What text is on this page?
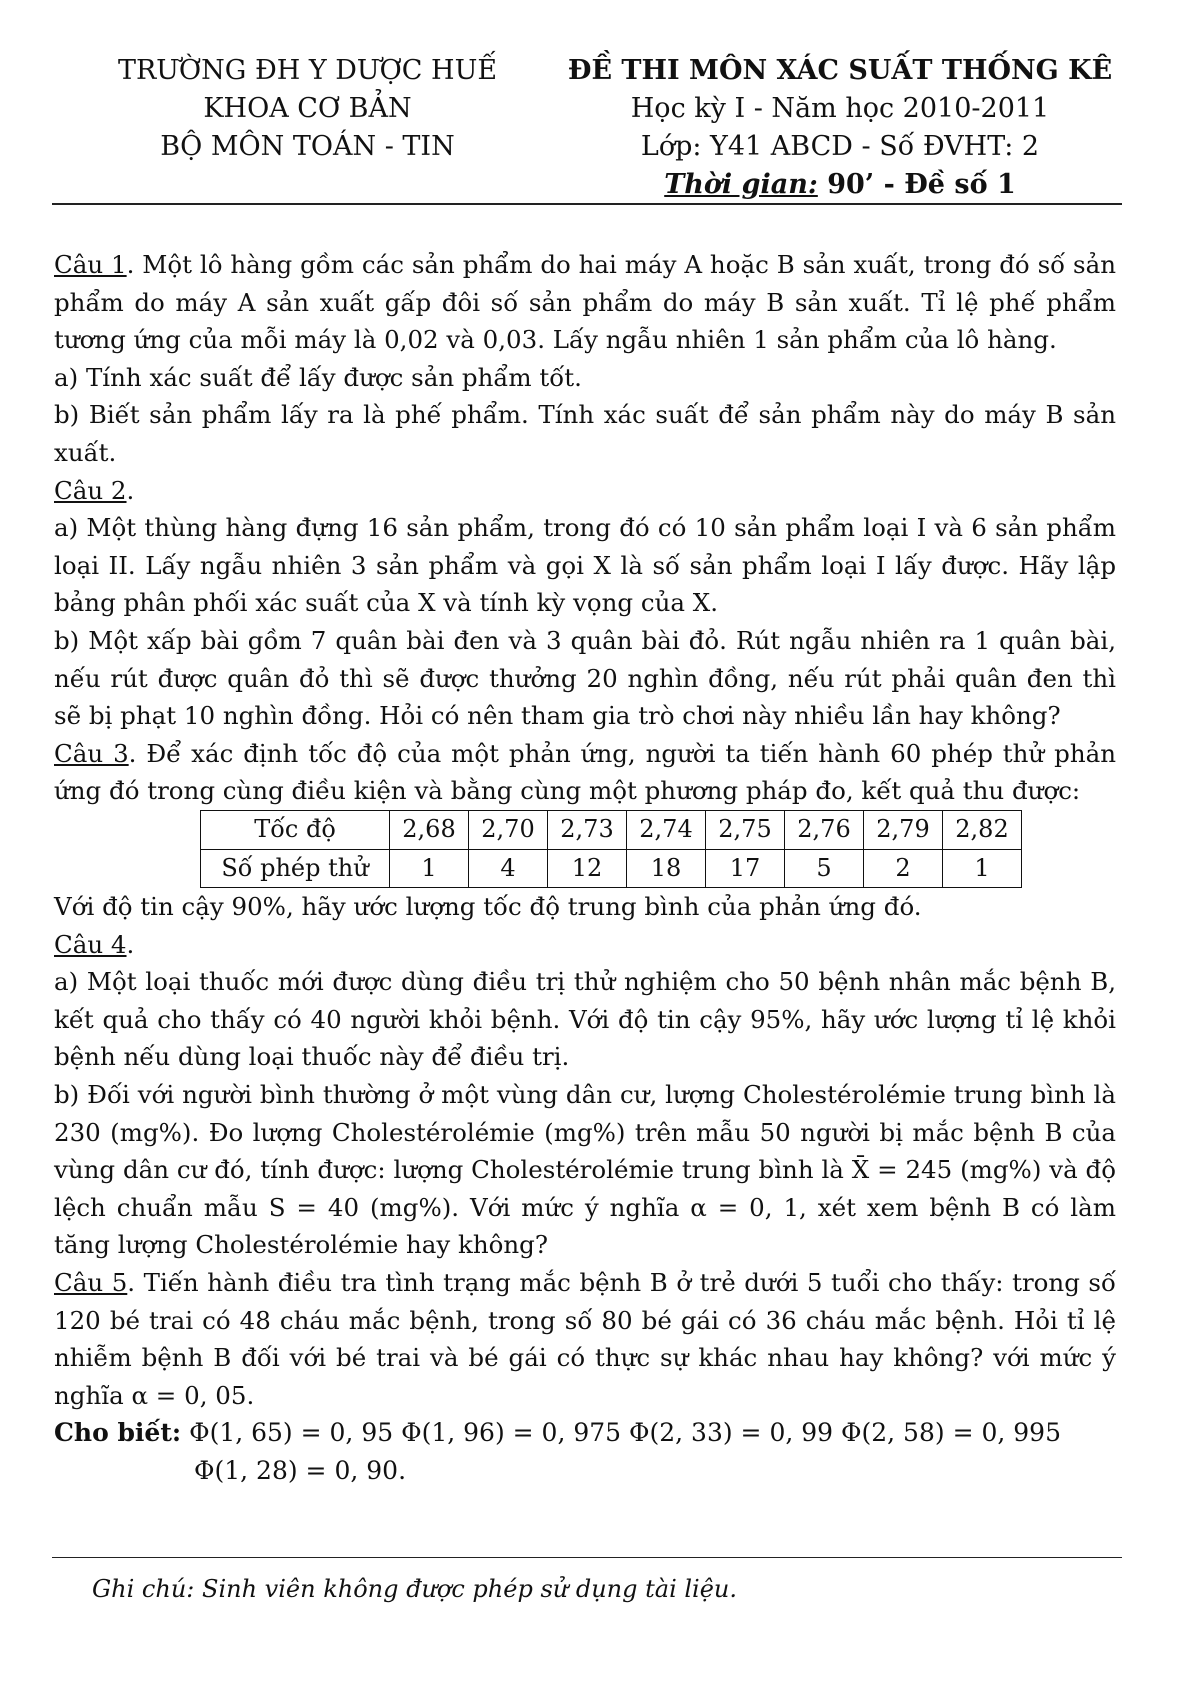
TRƯỜNG ĐH Y DƯỢC HUẾ
KHOA CƠ BẢN
BỘ MÔN TOÁN - TIN
ĐỀ THI MÔN XÁC SUẤT THỐNG KÊ
Học kỳ I - Năm học 2010-2011
Lớp: Y41 ABCD - Số ĐVHT: 2
Thời gian: 90’ - Đề số 1

Câu 1. Một lô hàng gồm các sản phẩm do hai máy A hoặc B sản xuất, trong đó số sản phẩm do máy A sản xuất gấp đôi số sản phẩm do máy B sản xuất. Tỉ lệ phế phẩm tương ứng của mỗi máy là 0,02 và 0,03. Lấy ngẫu nhiên 1 sản phẩm của lô hàng.

a) Tính xác suất để lấy được sản phẩm tốt.

b) Biết sản phẩm lấy ra là phế phẩm. Tính xác suất để sản phẩm này do máy B sản xuất.

Câu 2.

a) Một thùng hàng đựng 16 sản phẩm, trong đó có 10 sản phẩm loại I và 6 sản phẩm loại II. Lấy ngẫu nhiên 3 sản phẩm và gọi X là số sản phẩm loại I lấy được. Hãy lập bảng phân phối xác suất của X và tính kỳ vọng của X.

b) Một xấp bài gồm 7 quân bài đen và 3 quân bài đỏ. Rút ngẫu nhiên ra 1 quân bài, nếu rút được quân đỏ thì sẽ được thưởng 20 nghìn đồng, nếu rút phải quân đen thì sẽ bị phạt 10 nghìn đồng. Hỏi có nên tham gia trò chơi này nhiều lần hay không?

Câu 3. Để xác định tốc độ của một phản ứng, người ta tiến hành 60 phép thử phản ứng đó trong cùng điều kiện và bằng cùng một phương pháp đo, kết quả thu được:

Tốc độ	2,68	2,70	2,73	2,74	2,75	2,76	2,79	2,82
Số phép thử	1	4	12	18	17	5	2	1

Với độ tin cậy 90%, hãy ước lượng tốc độ trung bình của phản ứng đó.

Câu 4.

a) Một loại thuốc mới được dùng điều trị thử nghiệm cho 50 bệnh nhân mắc bệnh B, kết quả cho thấy có 40 người khỏi bệnh. Với độ tin cậy 95%, hãy ước lượng tỉ lệ khỏi bệnh nếu dùng loại thuốc này để điều trị.

b) Đối với người bình thường ở một vùng dân cư, lượng Cholestérolémie trung bình là 230 (mg%). Đo lượng Cholestérolémie (mg%) trên mẫu 50 người bị mắc bệnh B của vùng dân cư đó, tính được: lượng Cholestérolémie trung bình là X̄ = 245 (mg%) và độ lệch chuẩn mẫu S = 40 (mg%). Với mức ý nghĩa α = 0, 1, xét xem bệnh B có làm tăng lượng Cholestérolémie hay không?

Câu 5. Tiến hành điều tra tình trạng mắc bệnh B ở trẻ dưới 5 tuổi cho thấy: trong số 120 bé trai có 48 cháu mắc bệnh, trong số 80 bé gái có 36 cháu mắc bệnh. Hỏi tỉ lệ nhiễm bệnh B đối với bé trai và bé gái có thực sự khác nhau hay không? với mức ý nghĩa α = 0, 05.

Cho biết: Φ(1, 65) = 0, 95 Φ(1, 96) = 0, 975 Φ(2, 33) = 0, 99 Φ(2, 58) = 0, 995

Φ(1, 28) = 0, 90.

Ghi chú: Sinh viên không được phép sử dụng tài liệu.
